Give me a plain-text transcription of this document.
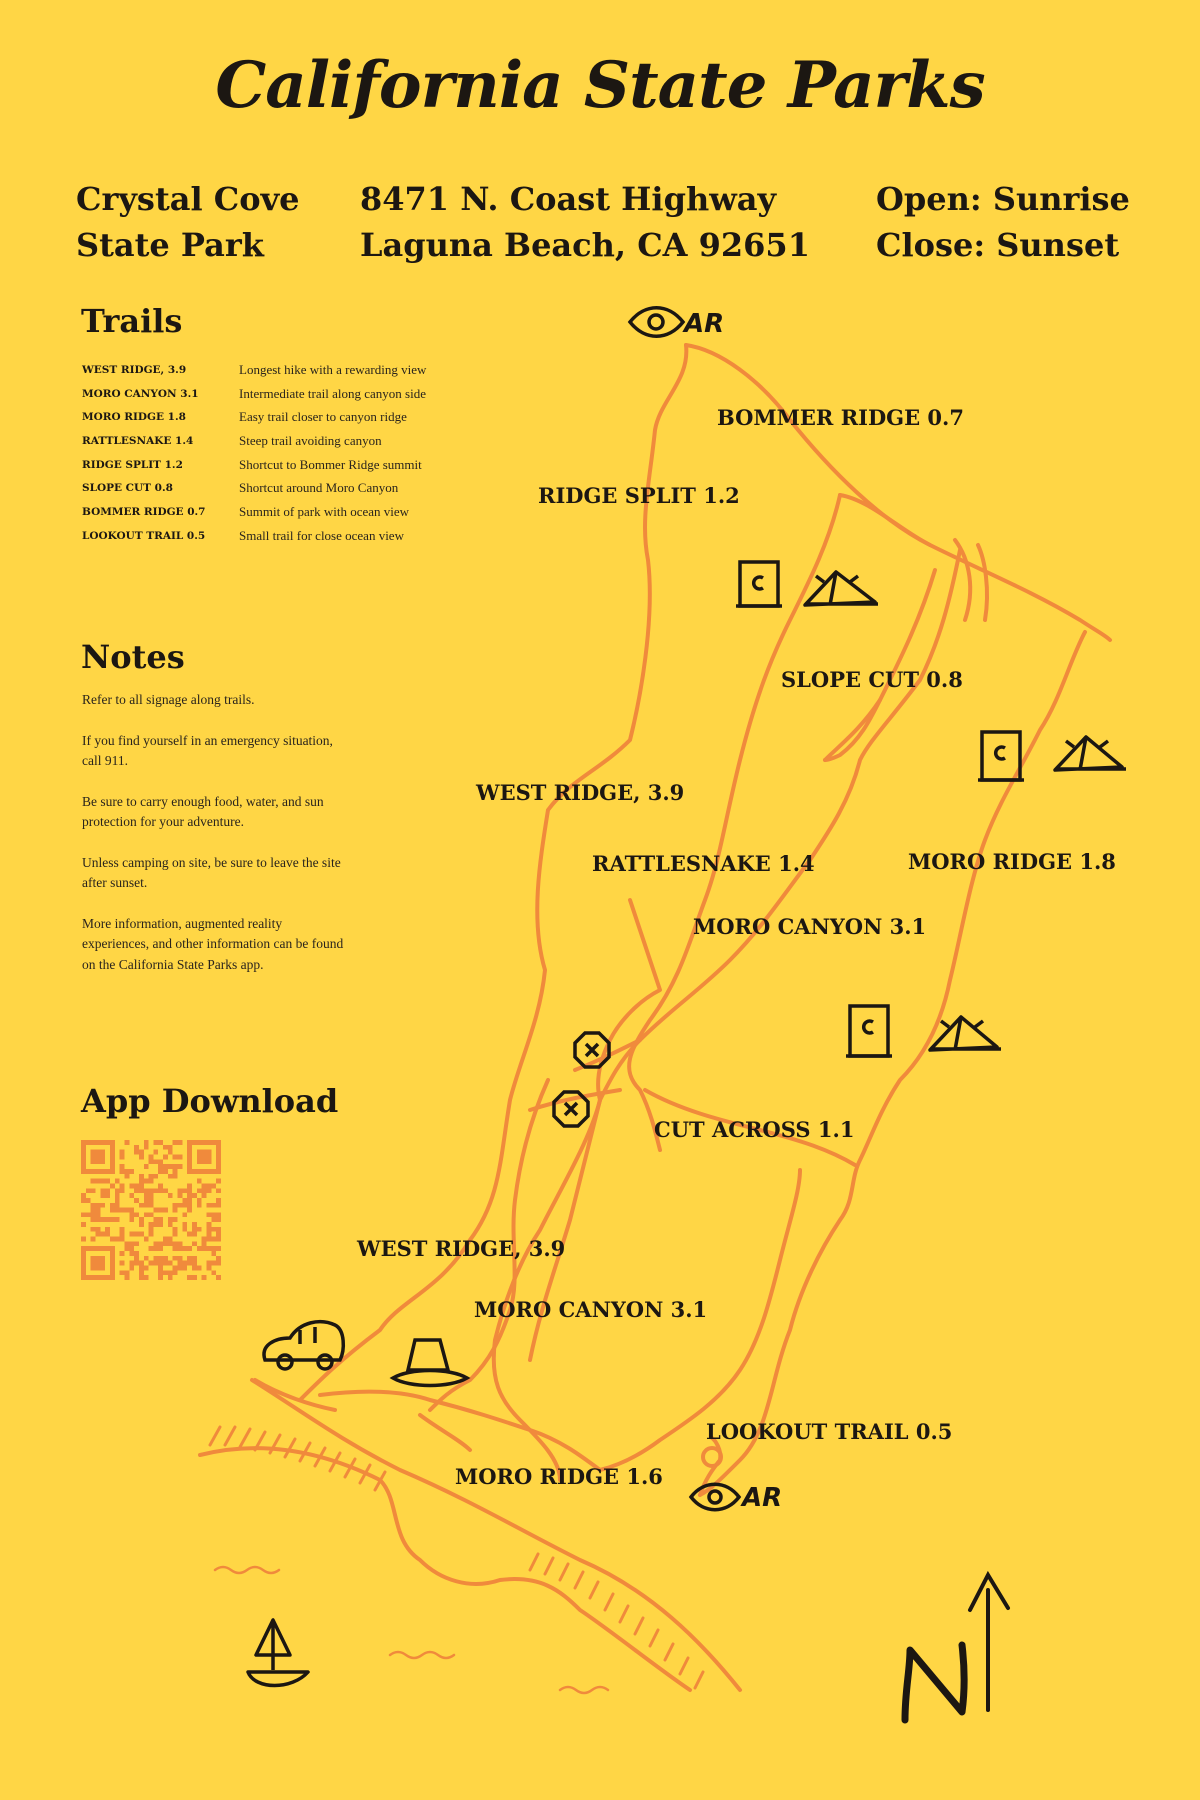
AR
AR
N
BOMMER RIDGE 0.7
RIDGE SPLIT 1.2
SLOPE CUT 0.8
WEST RIDGE, 3.9
RATTLESNAKE 1.4	MORO RIDGE 1.8
MORO CANYON 3.1
CUT ACROSS 1.1
WEST RIDGE, 3.9
MORO CANYON 3.1
LOOKOUT TRAIL 0.5
MORO RIDGE 1.6
California State Parks
Crystal Cove
State Park
8471 N. Coast Highway
Laguna Beach, CA 92651
Open: Sunrise
Close: Sunset
Trails
WEST RIDGE, 3.9	Longest hike with a rewarding view
MORO CANYON 3.1	Intermediate trail along canyon side
MORO RIDGE 1.8	Easy trail closer to canyon ridge
RATTLESNAKE 1.4	Steep trail avoiding canyon
RIDGE SPLIT 1.2	Shortcut to Bommer Ridge summit
SLOPE CUT 0.8	Shortcut around Moro Canyon
BOMMER RIDGE 0.7	Summit of park with ocean view
LOOKOUT TRAIL 0.5	Small trail for close ocean view
Notes

Refer to all signage along trails.

If you find yourself in an emergency situation, call 911.

Be sure to carry enough food, water, and sun protection for your adventure.

Unless camping on site, be sure to leave the site after sunset.

More information, augmented reality experiences, and other information can be found on the California State Parks app.

App Download
